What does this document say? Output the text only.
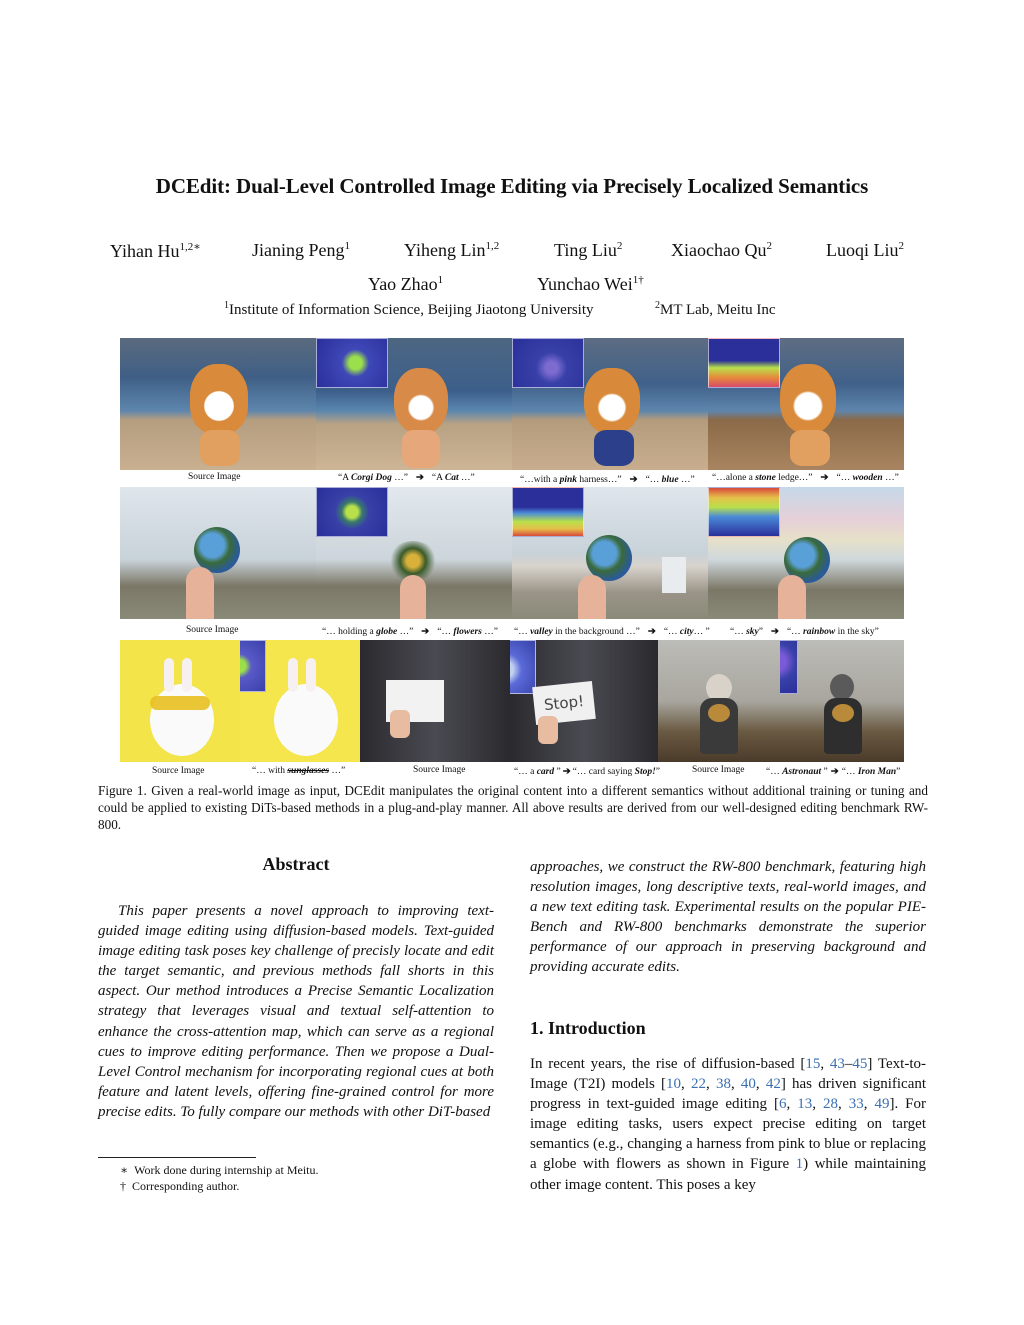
DCEdit: Dual-Level Controlled Image Editing via Precisely Localized Semantics
Yihan $Hu^{1,2∗}$	Jianing Peng$^1$	Yiheng Lin$^{1,2}$	Ting Liu$^2$	Xiaochao Qu$^2$	Luoqi Liu$^2$
Yao Zhao$^1$	Yunchao Wei$^{1\dagger}$
$^1$Institute of Information Science, Beijing Jiaotong University	$^2$MT Lab, Meitu Inc
Source Image	“A Corgi Dog …” ➔ “A Cat …”	“…with a pink harness…” ➔ “… blue …” “…alone a stone ledge…” ➔ “… wooden …”
Source Image	“… holding a globe …” ➔ “… flowers …” “… valley in the background …” ➔ “… city… ” “… sky” ➔ “… rainbow in the sky”
Stop!
Source Image	“… with sunglasses …”	Source Image	“… a card ” ➔ “… card saying Stop!”	Source Image “… Astronaut ” ➔ “… Iron Man”
Figure 1. Given a real-world image as input, DCEdit manipulates the original content into a different semantics without additional training or tuning and could be applied to existing DiTs-based methods in a plug-and-play manner. All above results are derived from our well-designed editing benchmark RW-800.
Abstract
This paper presents a novel approach to improving text-guided image editing using diffusion-based models. Text-guided image editing task poses key challenge of precisly locate and edit the target semantic, and previous methods fall shorts in this aspect. Our method introduces a Precise Semantic Localization strategy that leverages visual and textual self-attention to enhance the cross-attention map, which can serve as a regional cues to improve editing performance. Then we propose a Dual-Level Control mechanism for incorporating regional cues at both feature and latent levels, offering fine-grained control for more precise edits. To fully compare our methods with other DiT-based
approaches, we construct the RW-800 benchmark, featuring high resolution images, long descriptive texts, real-world images, and a new text editing task. Experimental results on the popular PIE-Bench and RW-800 benchmarks demonstrate the superior performance of our approach in preserving background and providing accurate edits.
1. Introduction
In recent years, the rise of diffusion-based [15, 43–45] Text-to-Image (T2I) models [10, 22, 38, 40, 42] has driven significant progress in text-guided image editing [6, 13, 28, 33, 49]. For image editing tasks, users expect precise editing on target semantics (e.g., changing a harness from pink to blue or replacing a globe with flowers as shown in Figure 1) while maintaining other image content. This poses a key
∗ Work done during internship at Meitu.
† Corresponding author.
